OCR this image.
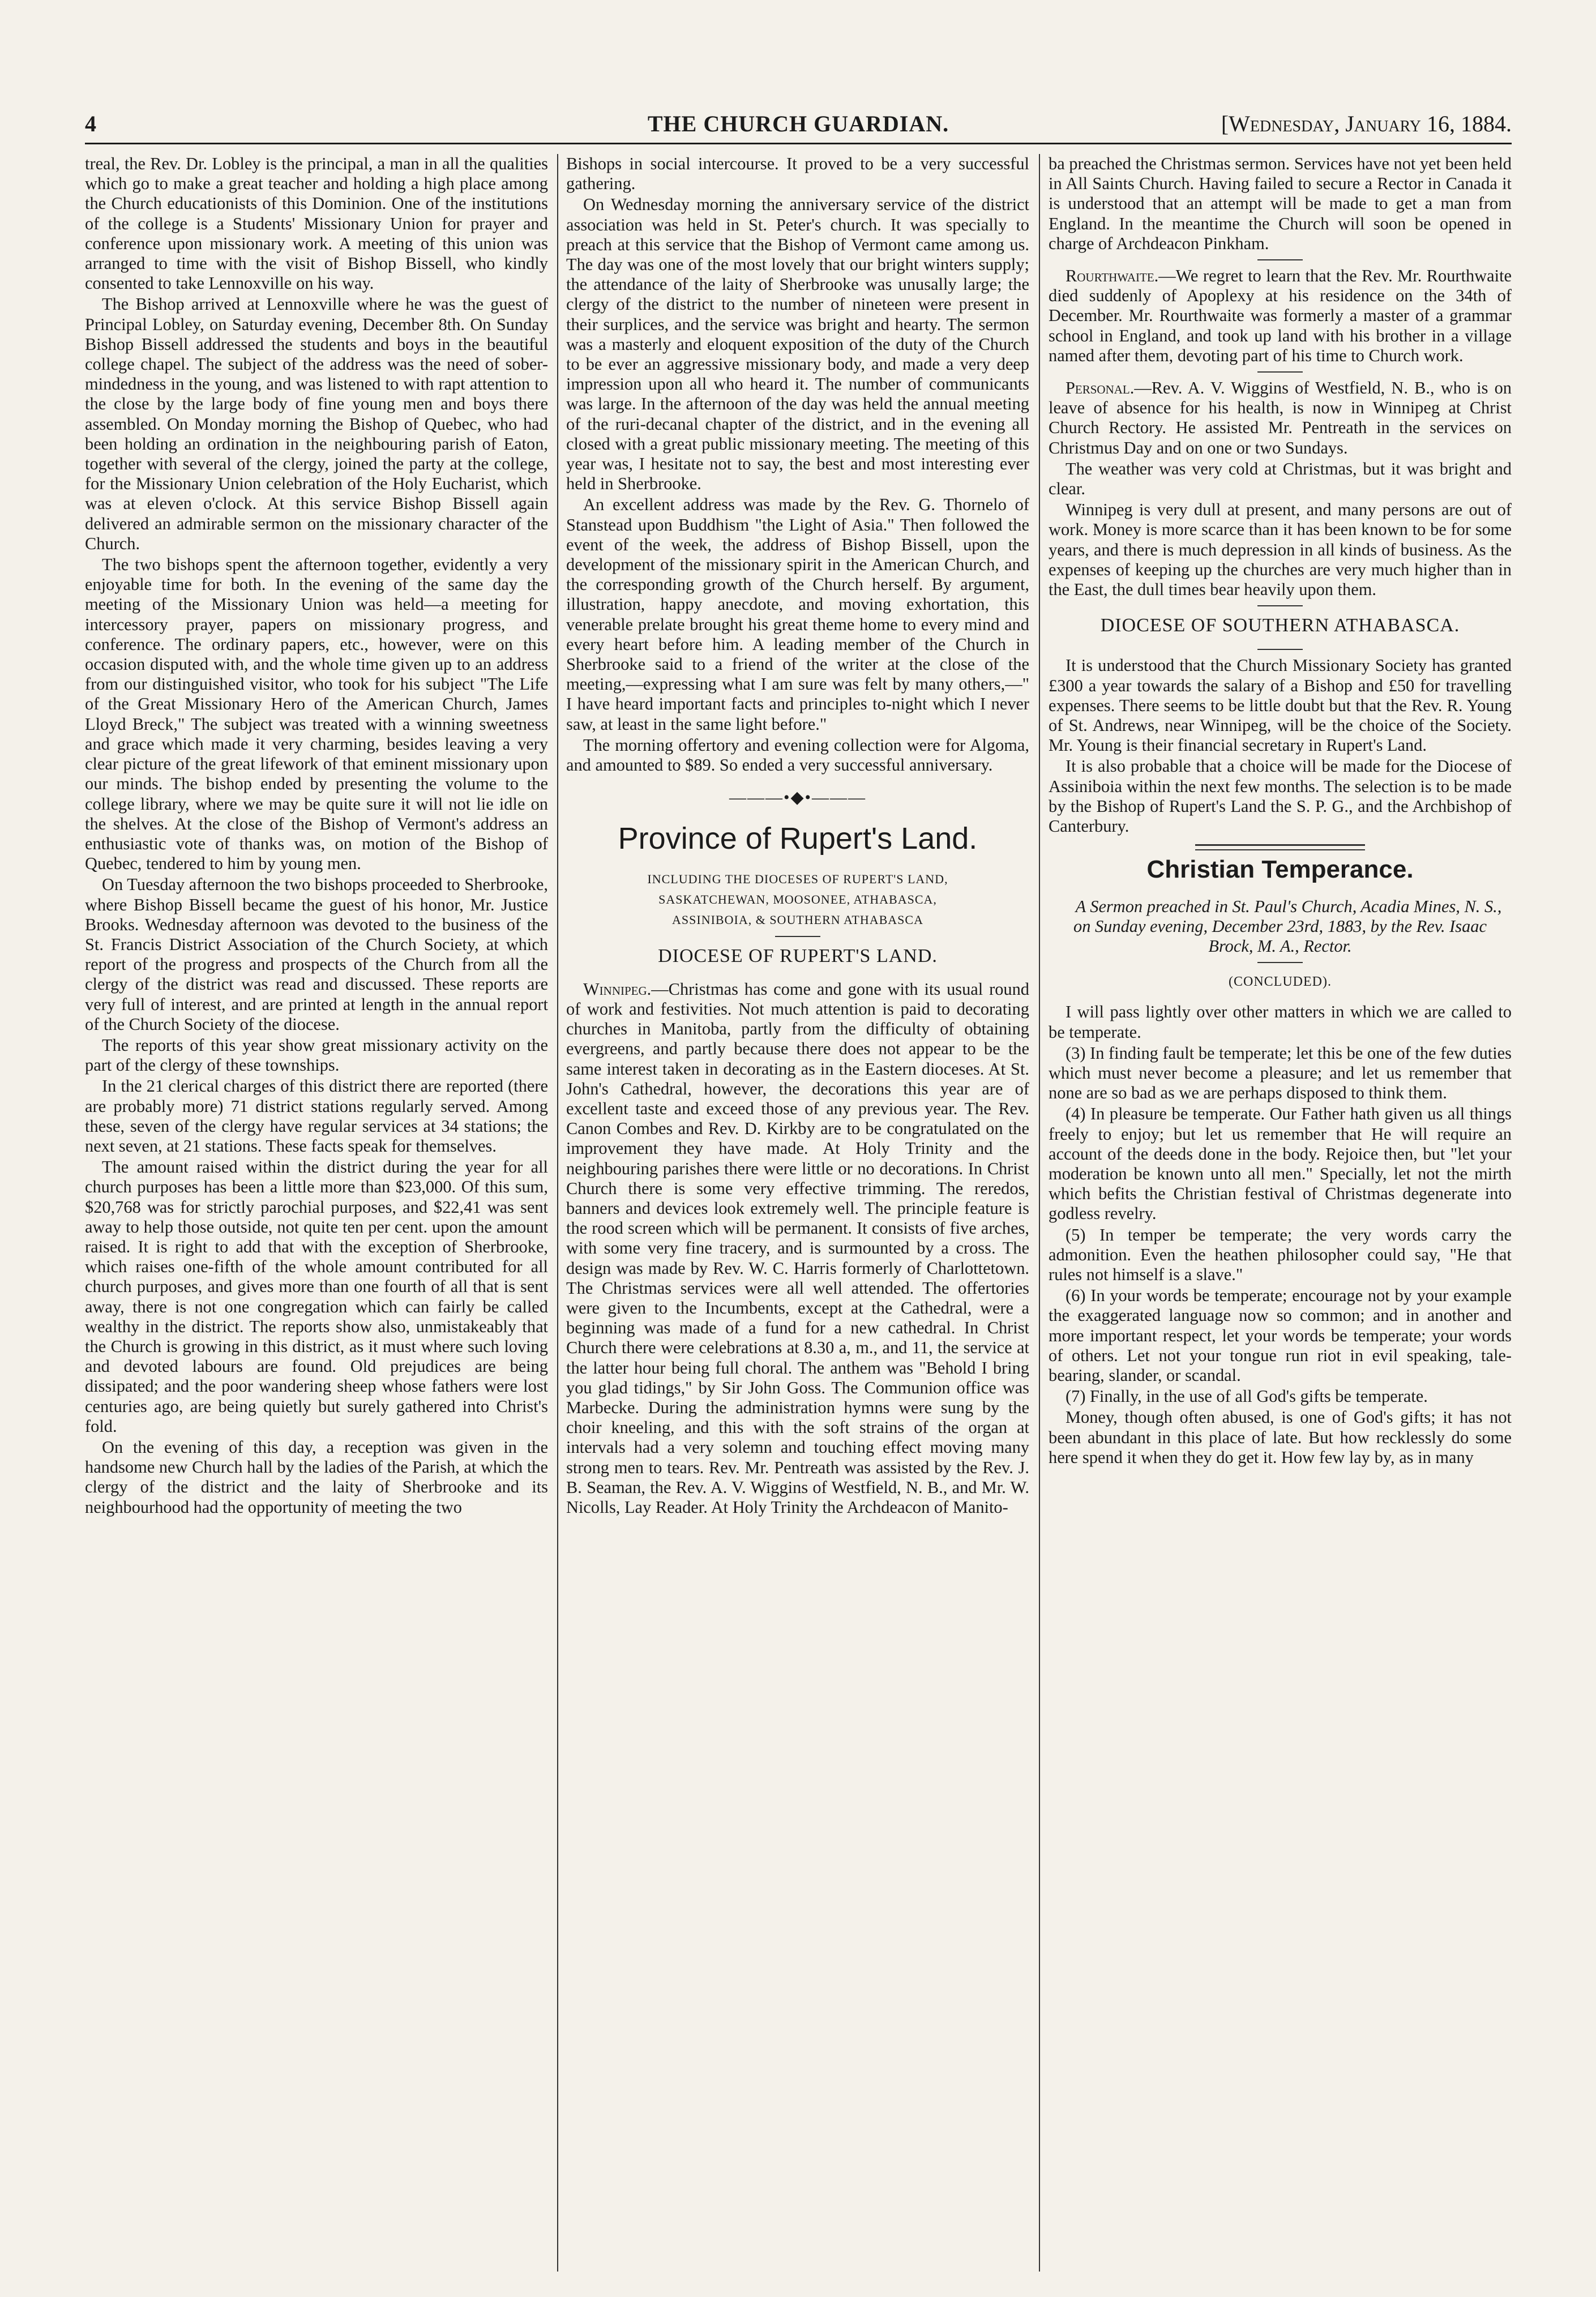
4	THE CHURCH GUARDIAN.	[Wednesday, January 16, 1884.

treal, the Rev. Dr. Lobley is the principal, a man in all the qualities which go to make a great teacher and holding a high place among the Church educationists of this Dominion. One of the institutions of the college is a Students' Missionary Union for prayer and conference upon missionary work. A meeting of this union was arranged to time with the visit of Bishop Bissell, who kindly consented to take Lennoxville on his way.

The Bishop arrived at Lennoxville where he was the guest of Principal Lobley, on Saturday evening, December 8th. On Sunday Bishop Bissell addressed the students and boys in the beautiful college chapel. The subject of the address was the need of sober-mindedness in the young, and was listened to with rapt attention to the close by the large body of fine young men and boys there assembled. On Monday morning the Bishop of Quebec, who had been holding an ordination in the neighbouring parish of Eaton, together with several of the clergy, joined the party at the college, for the Missionary Union celebration of the Holy Eucharist, which was at eleven o'clock. At this service Bishop Bissell again delivered an admirable sermon on the missionary character of the Church.

The two bishops spent the afternoon together, evidently a very enjoyable time for both. In the evening of the same day the meeting of the Missionary Union was held—a meeting for intercessory prayer, papers on missionary progress, and conference. The ordinary papers, etc., however, were on this occasion disputed with, and the whole time given up to an address from our distinguished visitor, who took for his subject "The Life of the Great Missionary Hero of the American Church, James Lloyd Breck," The subject was treated with a winning sweetness and grace which made it very charming, besides leaving a very clear picture of the great lifework of that eminent missionary upon our minds. The bishop ended by presenting the volume to the college library, where we may be quite sure it will not lie idle on the shelves. At the close of the Bishop of Vermont's address an enthusiastic vote of thanks was, on motion of the Bishop of Quebec, tendered to him by young men.

On Tuesday afternoon the two bishops proceeded to Sherbrooke, where Bishop Bissell became the guest of his honor, Mr. Justice Brooks. Wednesday afternoon was devoted to the business of the St. Francis District Association of the Church Society, at which report of the progress and prospects of the Church from all the clergy of the district was read and discussed. These reports are very full of interest, and are printed at length in the annual report of the Church Society of the diocese.

The reports of this year show great missionary activity on the part of the clergy of these townships.

In the 21 clerical charges of this district there are reported (there are probably more) 71 district stations regularly served. Among these, seven of the clergy have regular services at 34 stations; the next seven, at 21 stations. These facts speak for themselves.

The amount raised within the district during the year for all church purposes has been a little more than $23,000. Of this sum, $20,768 was for strictly parochial purposes, and $22,41 was sent away to help those outside, not quite ten per cent. upon the amount raised. It is right to add that with the exception of Sherbrooke, which raises one-fifth of the whole amount contributed for all church purposes, and gives more than one fourth of all that is sent away, there is not one congregation which can fairly be called wealthy in the district. The reports show also, unmistakeably that the Church is growing in this district, as it must where such loving and devoted labours are found. Old prejudices are being dissipated; and the poor wandering sheep whose fathers were lost centuries ago, are being quietly but surely gathered into Christ's fold.

On the evening of this day, a reception was given in the handsome new Church hall by the ladies of the Parish, at which the clergy of the district and the laity of Sherbrooke and its neighbourhood had the opportunity of meeting the two

Bishops in social intercourse. It proved to be a very successful gathering.

On Wednesday morning the anniversary service of the district association was held in St. Peter's church. It was specially to preach at this service that the Bishop of Vermont came among us. The day was one of the most lovely that our bright winters supply; the attendance of the laity of Sherbrooke was unusally large; the clergy of the district to the number of nineteen were present in their surplices, and the service was bright and hearty. The sermon was a masterly and eloquent exposition of the duty of the Church to be ever an aggressive missionary body, and made a very deep impression upon all who heard it. The number of communicants was large. In the afternoon of the day was held the annual meeting of the ruri-decanal chapter of the district, and in the evening all closed with a great public missionary meeting. The meeting of this year was, I hesitate not to say, the best and most interesting ever held in Sherbrooke.

An excellent address was made by the Rev. G. Thornelo of Stanstead upon Buddhism "the Light of Asia." Then followed the event of the week, the address of Bishop Bissell, upon the development of the missionary spirit in the American Church, and the corresponding growth of the Church herself. By argument, illustration, happy anecdote, and moving exhortation, this venerable prelate brought his great theme home to every mind and every heart before him. A leading member of the Church in Sherbrooke said to a friend of the writer at the close of the meeting,—expressing what I am sure was felt by many others,—" I have heard important facts and principles to-night which I never saw, at least in the same light before."

The morning offertory and evening collection were for Algoma, and amounted to $89. So ended a very successful anniversary.

———•◆•———
Province of Rupert's Land.
INCLUDING THE DIOCESES OF RUPERT'S LAND,
SASKATCHEWAN, MOOSONEE, ATHABASCA,
ASSINIBOIA, & SOUTHERN ATHABASCA
DIOCESE OF RUPERT'S LAND.

Winnipeg.—Christmas has come and gone with its usual round of work and festivities. Not much attention is paid to decorating churches in Manitoba, partly from the difficulty of obtaining evergreens, and partly because there does not appear to be the same interest taken in decorating as in the Eastern dioceses. At St. John's Cathedral, however, the decorations this year are of excellent taste and exceed those of any previous year. The Rev. Canon Combes and Rev. D. Kirkby are to be congratulated on the improvement they have made. At Holy Trinity and the neighbouring parishes there were little or no decorations. In Christ Church there is some very effective trimming. The reredos, banners and devices look extremely well. The principle feature is the rood screen which will be permanent. It consists of five arches, with some very fine tracery, and is surmounted by a cross. The design was made by Rev. W. C. Harris formerly of Charlottetown. The Christmas services were all well attended. The offertories were given to the Incumbents, except at the Cathedral, were a beginning was made of a fund for a new cathedral. In Christ Church there were celebrations at 8.30 a, m., and 11, the service at the latter hour being full choral. The anthem was "Behold I bring you glad tidings," by Sir John Goss. The Communion office was Marbecke. During the administration hymns were sung by the choir kneeling, and this with the soft strains of the organ at intervals had a very solemn and touching effect moving many strong men to tears. Rev. Mr. Pentreath was assisted by the Rev. J. B. Seaman, the Rev. A. V. Wiggins of Westfield, N. B., and Mr. W. Nicolls, Lay Reader. At Holy Trinity the Archdeacon of Manito-

ba preached the Christmas sermon. Services have not yet been held in All Saints Church. Having failed to secure a Rector in Canada it is understood that an attempt will be made to get a man from England. In the meantime the Church will soon be opened in charge of Archdeacon Pinkham.

Rourthwaite.—We regret to learn that the Rev. Mr. Rourthwaite died suddenly of Apoplexy at his residence on the 34th of December. Mr. Rourthwaite was formerly a master of a grammar school in England, and took up land with his brother in a village named after them, devoting part of his time to Church work.

Personal.—Rev. A. V. Wiggins of Westfield, N. B., who is on leave of absence for his health, is now in Winnipeg at Christ Church Rectory. He assisted Mr. Pentreath in the services on Christmus Day and on one or two Sundays.

The weather was very cold at Christmas, but it was bright and clear.

Winnipeg is very dull at present, and many persons are out of work. Money is more scarce than it has been known to be for some years, and there is much depression in all kinds of business. As the expenses of keeping up the churches are very much higher than in the East, the dull times bear heavily upon them.

DIOCESE OF SOUTHERN ATHABASCA.

It is understood that the Church Missionary Society has granted £300 a year towards the salary of a Bishop and £50 for travelling expenses. There seems to be little doubt but that the Rev. R. Young of St. Andrews, near Winnipeg, will be the choice of the Society. Mr. Young is their financial secretary in Rupert's Land.

It is also probable that a choice will be made for the Diocese of Assiniboia within the next few months. The selection is to be made by the Bishop of Rupert's Land the S. P. G., and the Archbishop of Canterbury.

Christian Temperance.

A Sermon preached in St. Paul's Church, Acadia Mines, N. S., on Sunday evening, December 23rd, 1883, by the Rev. Isaac Brock, M. A., Rector.

(CONCLUDED).

I will pass lightly over other matters in which we are called to be temperate.

(3) In finding fault be temperate; let this be one of the few duties which must never become a pleasure; and let us remember that none are so bad as we are perhaps disposed to think them.

(4) In pleasure be temperate. Our Father hath given us all things freely to enjoy; but let us remember that He will require an account of the deeds done in the body. Rejoice then, but "let your moderation be known unto all men." Specially, let not the mirth which befits the Christian festival of Christmas degenerate into godless revelry.

(5) In temper be temperate; the very words carry the admonition. Even the heathen philosopher could say, "He that rules not himself is a slave."

(6) In your words be temperate; encourage not by your example the exaggerated language now so common; and in another and more important respect, let your words be temperate; your words of others. Let not your tongue run riot in evil speaking, tale-bearing, slander, or scandal.

(7) Finally, in the use of all God's gifts be temperate.

Money, though often abused, is one of God's gifts; it has not been abundant in this place of late. But how recklessly do some here spend it when they do get it. How few lay by, as in many
